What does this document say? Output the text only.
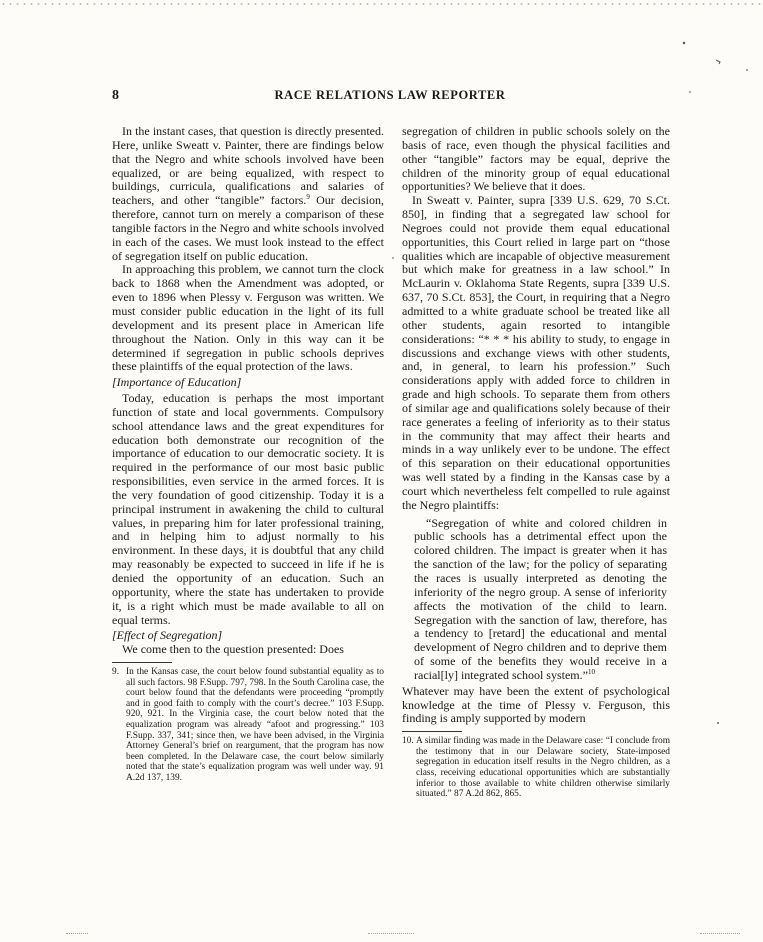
8	RACE RELATIONS LAW REPORTER

In the instant cases, that question is directly presented. Here, unlike Sweatt v. Painter, there are findings below that the Negro and white schools involved have been equalized, or are being equalized, with respect to buildings, curricula, qualifications and salaries of teachers, and other “tangible” factors.$^9$ Our decision, therefore, cannot turn on merely a comparison of these tangible factors in the Negro and white schools involved in each of the cases. We must look instead to the effect of segregation itself on public education.

In approaching this problem, we cannot turn the clock back to 1868 when the Amendment was adopted, or even to 1896 when Plessy v. Ferguson was written. We must consider public education in the light of its full development and its present place in American life throughout the Nation. Only in this way can it be determined if segregation in public schools deprives these plaintiffs of the equal protection of the laws.

[Importance of Education]

Today, education is perhaps the most important function of state and local governments. Compulsory school attendance laws and the great expenditures for education both demonstrate our recognition of the importance of education to our democratic society. It is required in the performance of our most basic public responsibilities, even service in the armed forces. It is the very foundation of good citizenship. Today it is a principal instrument in awakening the child to cultural values, in preparing him for later professional training, and in helping him to adjust normally to his environment. In these days, it is doubtful that any child may reasonably be expected to succeed in life if he is denied the opportunity of an education. Such an opportunity, where the state has undertaken to provide it, is a right which must be made available to all on equal terms.

[Effect of Segregation]

We come then to the question presented: Does

9. In the Kansas case, the court below found substantial equality as to all such factors. 98 F.Supp. 797, 798. In the South Carolina case, the court below found that the defendants were proceeding “promptly and in good faith to comply with the court’s decree.” 103 F.Supp. 920, 921. In the Virginia case, the court below noted that the equalization program was already “afoot and progressing.” 103 F.Supp. 337, 341; since then, we have been advised, in the Virginia Attorney General’s brief on reargument, that the program has now been completed. In the Delaware case, the court below similarly noted that the state’s equalization program was well under way. 91 A.2d 137, 139.

segregation of children in public schools solely on the basis of race, even though the physical facilities and other “tangible” factors may be equal, deprive the children of the minority group of equal educational opportunities? We believe that it does.

In Sweatt v. Painter, supra [339 U.S. 629, 70 S.Ct. 850], in finding that a segregated law school for Negroes could not provide them equal educational opportunities, this Court relied in large part on “those qualities which are incapable of objective measurement but which make for greatness in a law school.” In McLaurin v. Oklahoma State Regents, supra [339 U.S. 637, 70 S.Ct. 853], the Court, in requiring that a Negro admitted to a white graduate school be treated like all other students, again resorted to intangible considerations: “* * * his ability to study, to engage in discussions and exchange views with other students, and, in general, to learn his profession.” Such considerations apply with added force to children in grade and high schools. To separate them from others of similar age and qualifications solely because of their race generates a feeling of inferiority as to their status in the community that may affect their hearts and minds in a way unlikely ever to be undone. The effect of this separation on their educational opportunities was well stated by a finding in the Kansas case by a court which nevertheless felt compelled to rule against the Negro plaintiffs:

“Segregation of white and colored children in public schools has a detrimental effect upon the colored children. The impact is greater when it has the sanction of the law; for the policy of separating the races is usually interpreted as denoting the inferiority of the negro group. A sense of inferiority affects the motivation of the child to learn. Segregation with the sanction of law, therefore, has a tendency to [retard] the educational and mental development of Negro children and to deprive them of some of the benefits they would receive in a racial[ly] integrated school system.”$^{10}$

Whatever may have been the extent of psychological knowledge at the time of Plessy v. Ferguson, this finding is amply supported by modern

10. A similar finding was made in the Delaware case: “I conclude from the testimony that in our Delaware society, State-imposed segregation in education itself results in the Negro children, as a class, receiving educational opportunities which are substantially inferior to those available to white children otherwise similarly situated.” 87 A.2d 862, 865.
